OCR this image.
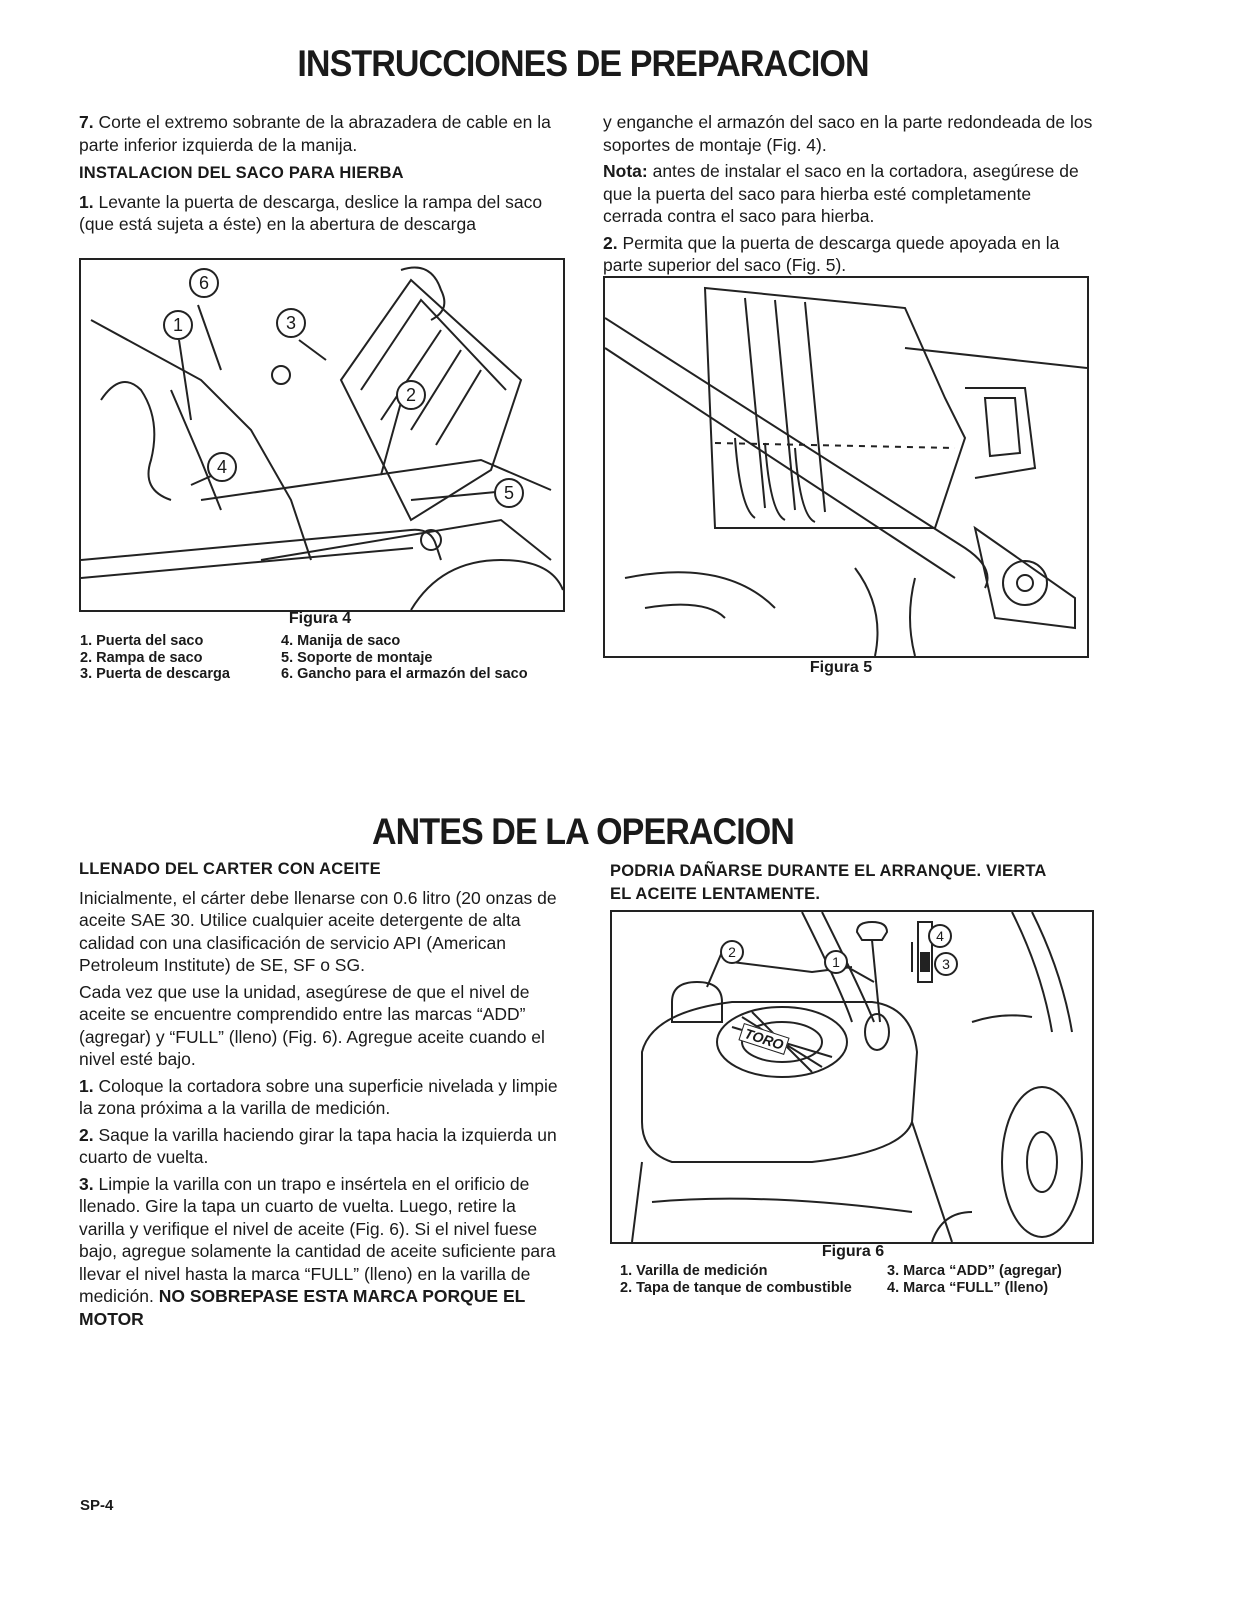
INSTRUCCIONES DE PREPARACION

7. Corte el extremo sobrante de la abrazadera de cable en la parte inferior izquierda de la manija.

INSTALACION DEL SACO PARA HIERBA

1. Levante la puerta de descarga, deslice la rampa del saco (que está sujeta a éste) en la abertura de descarga

y enganche el armazón del saco en la parte redondeada de los soportes de montaje (Fig. 4).

Nota: antes de instalar el saco en la cortadora, asegúrese de que la puerta del saco para hierba esté completamente cerrada contra el saco para hierba.

2. Permita que la puerta de descarga quede apoyada en la parte superior del saco (Fig. 5).

6
1	3
2
4
5
Figura 4
1. Puerta del saco
2. Rampa de saco
3. Puerta de descarga
4. Manija de saco
5. Soporte de montaje
6. Gancho para el armazón del saco	Figura 5
ANTES DE LA OPERACION
LLENADO DEL CARTER CON ACEITE

Inicialmente, el cárter debe llenarse con 0.6 litro (20 onzas de aceite SAE 30. Utilice cualquier aceite detergente de alta calidad con una clasificación de servicio API (American Petroleum Institute) de SE, SF o SG.

Cada vez que use la unidad, asegúrese de que el nivel de aceite se encuentre comprendido entre las marcas “ADD” (agregar) y “FULL” (lleno) (Fig. 6). Agregue aceite cuando el nivel esté bajo.

1. Coloque la cortadora sobre una superficie nivelada y limpie la zona próxima a la varilla de medición.

2. Saque la varilla haciendo girar la tapa hacia la izquierda un cuarto de vuelta.

3. Limpie la varilla con un trapo e insértela en el orificio de llenado. Gire la tapa un cuarto de vuelta. Luego, retire la varilla y verifique el nivel de aceite (Fig. 6). Si el nivel fuese bajo, agregue solamente la cantidad de aceite suficiente para llevar el nivel hasta la marca “FULL” (lleno) en la varilla de medición. NO SOBREPASE ESTA MARCA PORQUE EL MOTOR

PODRIA DAÑARSE DURANTE EL ARRANQUE. VIERTA EL ACEITE LENTAMENTE.

TORO
2
1
4
3
Figura 6
1. Varilla de medición
2. Tapa de tanque de combustible
3. Marca “ADD” (agregar)
4. Marca “FULL” (lleno)
SP-4
